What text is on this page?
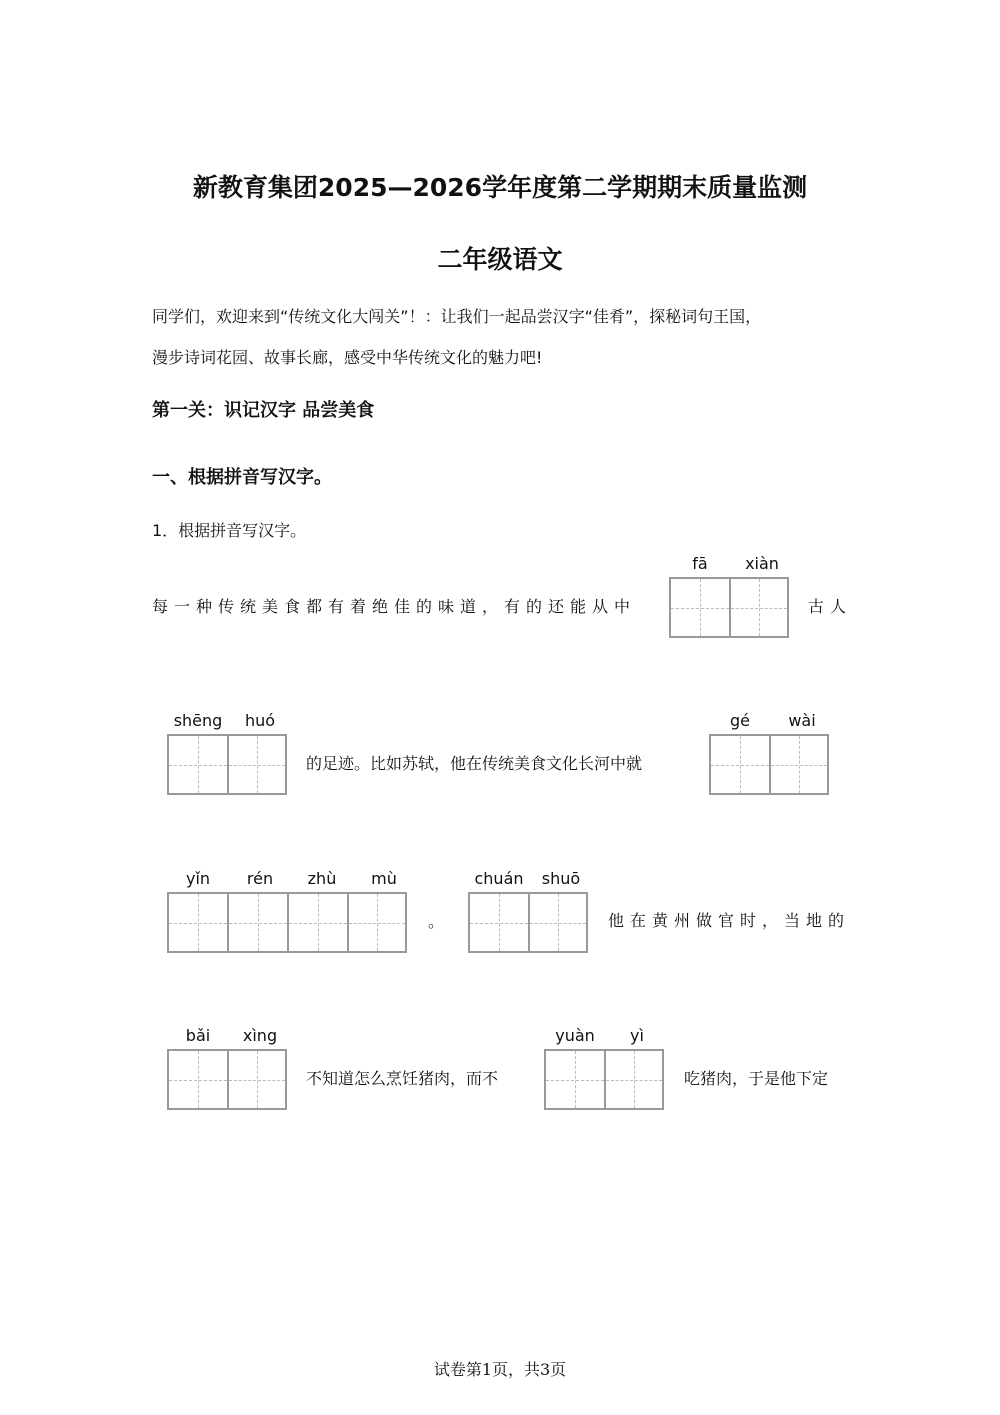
新教育集团2025—2026学年度第二学期期末质量监测
二年级语文
同学们，欢迎来到“传统文化大闯关”！：让我们一起品尝汉字“佳肴”，探秘词句王国，
漫步诗词花园、故事长廊，感受中华传统文化的魅力吧!
第一关：识记汉字 品尝美食
一、根据拼音写汉字。
1．根据拼音写汉字。
每一种传统美食都有着绝佳的味道，有的还能从中
fā	xiàn
古人
shēng	huó
的足迹。比如苏轼，他在传统美食文化长河中就
gé	wài
yǐn	rén	zhù	mù
。
chuán	shuō
他在黄州做官时，当地的
bǎi	xìng
不知道怎么烹饪猪肉，而不
yuàn	yì
吃猪肉，于是他下定
试卷第1页，共3页
